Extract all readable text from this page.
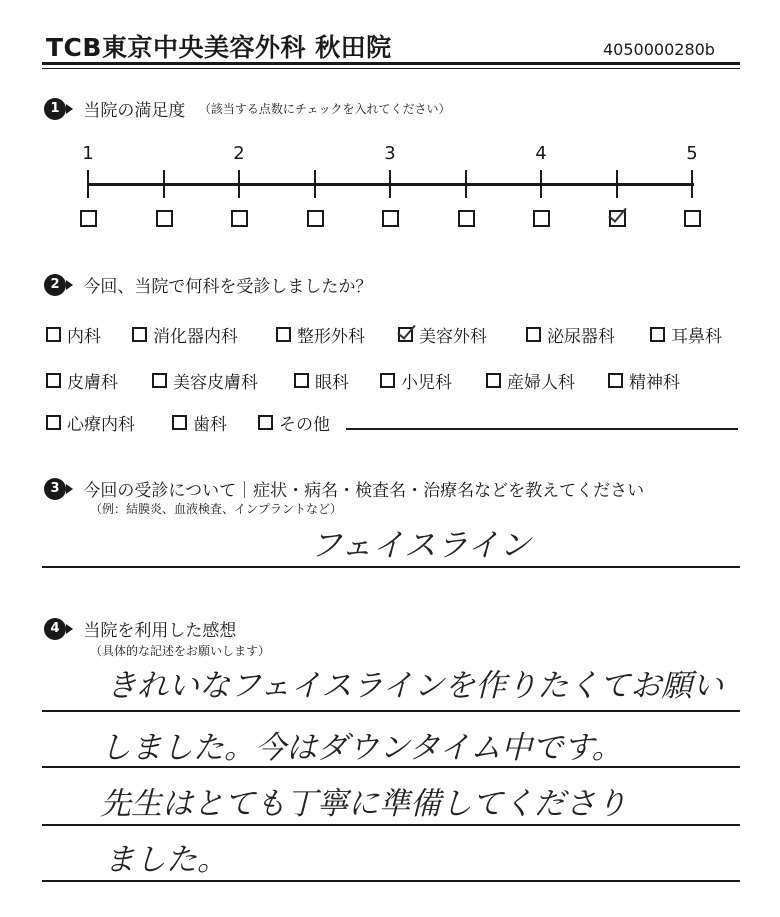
TCB東京中央美容外科 秋田院	4050000280b
1 当院の満足度 （該当する点数にチェックを入れてください）
1	2	3	4	5
2 今回、当院で何科を受診しましたか？
内科	消化器内科	整形外科	美容外科	泌尿器科	耳鼻科
皮膚科	美容皮膚科	眼科	小児科	産婦人科	精神科
心療内科	歯科	その他
3 今回の受診について｜症状・病名・検査名・治療名などを教えてください
（例：結膜炎、血液検査、インプラントなど）
フェイスライン
4 当院を利用した感想
（具体的な記述をお願いします）
きれいなフェイスラインを作りたくてお願い
しました。今はダウンタイム中です。
先生はとても丁寧に準備してくださり
ました。
